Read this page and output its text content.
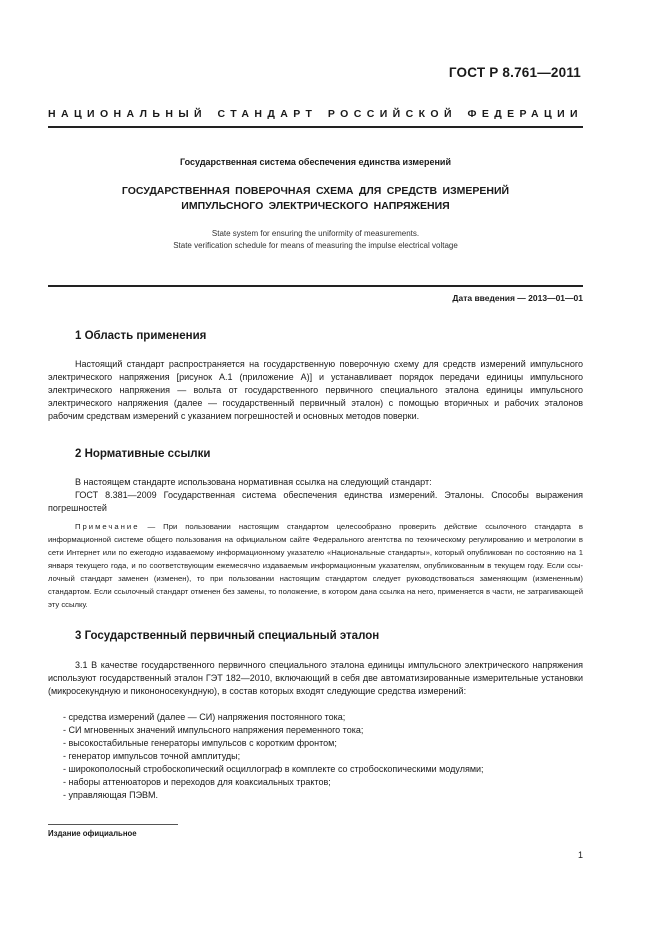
ГОСТ Р 8.761—2011
НАЦИОНАЛЬНЫЙ СТАНДАРТ РОССИЙСКОЙ ФЕДЕРАЦИИ
Государственная система обеспечения единства измерений
ГОСУДАРСТВЕННАЯ ПОВЕРОЧНАЯ СХЕМА ДЛЯ СРЕДСТВ ИЗМЕРЕНИЙ
ИМПУЛЬСНОГО ЭЛЕКТРИЧЕСКОГО НАПРЯЖЕНИЯ
State system for ensuring the uniformity of measurements.
State verification schedule for means of measuring the impulse electrical voltage
Дата введения — 2013—01—01
1 Область применения

Настоящий стандарт распространяется на государственную поверочную схему для средств измерений импульсного электрического напряжения [рисунок А.1 (приложение А)] и устанавливает порядок передачи единицы импульсного электрического напряжения — вольта от государственного первичного специального эталона единицы импульсного электрического напряжения (далее — государственный первичный эталон) с помощью вторичных и рабочих эталонов рабочим средствам измерений с указанием погрешностей и основных методов поверки.

2 Нормативные ссылки

В настоящем стандарте использована нормативная ссылка на следующий стандарт:

ГОСТ 8.381—2009 Государственная система обеспечения единства измерений. Эталоны. Способы выражения погрешностей

Примечание — При пользовании настоящим стандартом целесообразно проверить действие ссылочного стандарта в информационной системе общего пользования на официальном сайте Федерального агентства по техническому регулированию и метрологии в сети Интернет или по ежегодно издаваемому информационному указателю «Национальные стандарты», который опубликован по состоянию на 1 января текущего года, и по соответствующим ежемесячно издаваемым информационным указателям, опубликованным в текущем году. Если ссылочный стандарт заменен (изменен), то при пользовании настоящим стандартом следует руководствоваться заменяющим (измененным) стандартом. Если ссылочный стандарт отменен без замены, то положение, в котором дана ссылка на него, применяется в части, не затрагивающей эту ссылку.

3 Государственный первичный специальный эталон

3.1 В качестве государственного первичного специального эталона единицы импульсного электрического напряжения используют государственный эталон ГЭТ 182—2010, включающий в себя две автоматизированные измерительные установки (микросекундную и пикононосекундную), в состав которых входят следующие средства измерений:

- средства измерений (далее — СИ) напряжения постоянного тока;
- СИ мгновенных значений импульсного напряжения переменного тока;
- высокостабильные генераторы импульсов с коротким фронтом;
- генератор импульсов точной амплитуды;
- широкополосный стробоскопический осциллограф в комплекте со стробоскопическими модулями;
- наборы аттенюаторов и переходов для коаксиальных трактов;
- управляющая ПЭВМ.
Издание официальное
1
